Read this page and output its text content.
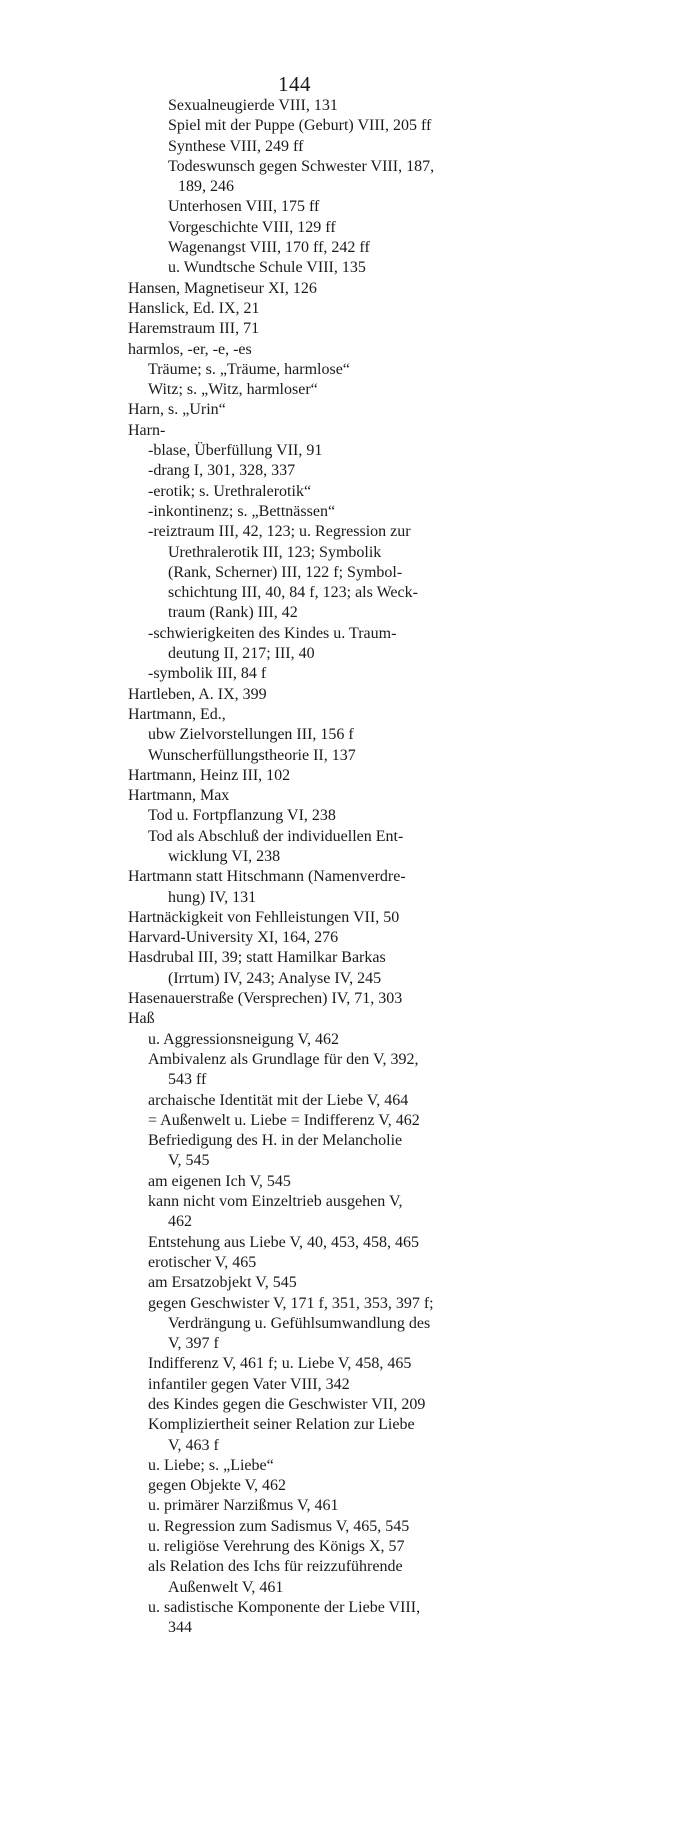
144
Sexualneugierde VIII, 131
Spiel mit der Puppe (Geburt) VIII, 205 ff
Synthese VIII, 249 ff
Todeswunsch gegen Schwester VIII, 187,
189, 246
Unterhosen VIII, 175 ff
Vorgeschichte VIII, 129 ff
Wagenangst VIII, 170 ff, 242 ff
u. Wundtsche Schule VIII, 135
Hansen, Magnetiseur XI, 126
Hanslick, Ed. IX, 21
Haremstraum III, 71
harmlos, -er, -e, -es
Träume; s. „Träume, harmlose“
Witz; s. „Witz, harmloser“
Harn, s. „Urin“
Harn-
-blase, Überfüllung VII, 91
-drang I, 301, 328, 337
-erotik; s. Urethralerotik“
-inkontinenz; s. „Bettnässen“
-reiztraum III, 42, 123; u. Regression zur
Urethralerotik III, 123; Symbolik
(Rank, Scherner) III, 122 f; Symbol-
schichtung III, 40, 84 f, 123; als Weck-
traum (Rank) III, 42
-schwierigkeiten des Kindes u. Traum-
deutung II, 217; III, 40
-symbolik III, 84 f
Hartleben, A. IX, 399
Hartmann, Ed.,
ubw Zielvorstellungen III, 156 f
Wunscherfüllungstheorie II, 137
Hartmann, Heinz III, 102
Hartmann, Max
Tod u. Fortpflanzung VI, 238
Tod als Abschluß der individuellen Ent-
wicklung VI, 238
Hartmann statt Hitschmann (Namenverdre-
hung) IV, 131
Hartnäckigkeit von Fehlleistungen VII, 50
Harvard-University XI, 164, 276
Hasdrubal III, 39; statt Hamilkar Barkas
(Irrtum) IV, 243; Analyse IV, 245
Hasenauerstraße (Versprechen) IV, 71, 303
Haß
u. Aggressionsneigung V, 462
Ambivalenz als Grundlage für den V, 392,
543 ff
archaische Identität mit der Liebe V, 464
= Außenwelt u. Liebe = Indifferenz V, 462
Befriedigung des H. in der Melancholie
V, 545
am eigenen Ich V, 545
kann nicht vom Einzeltrieb ausgehen V,
462
Entstehung aus Liebe V, 40, 453, 458, 465
erotischer V, 465
am Ersatzobjekt V, 545
gegen Geschwister V, 171 f, 351, 353, 397 f;
Verdrängung u. Gefühlsumwandlung des
V, 397 f
Indifferenz V, 461 f; u. Liebe V, 458, 465
infantiler gegen Vater VIII, 342
des Kindes gegen die Geschwister VII, 209
Kompliziertheit seiner Relation zur Liebe
V, 463 f
u. Liebe; s. „Liebe“
gegen Objekte V, 462
u. primärer Narzißmus V, 461
u. Regression zum Sadismus V, 465, 545
u. religiöse Verehrung des Königs X, 57
als Relation des Ichs für reizzuführende
Außenwelt V, 461
u. sadistische Komponente der Liebe VIII,
344
